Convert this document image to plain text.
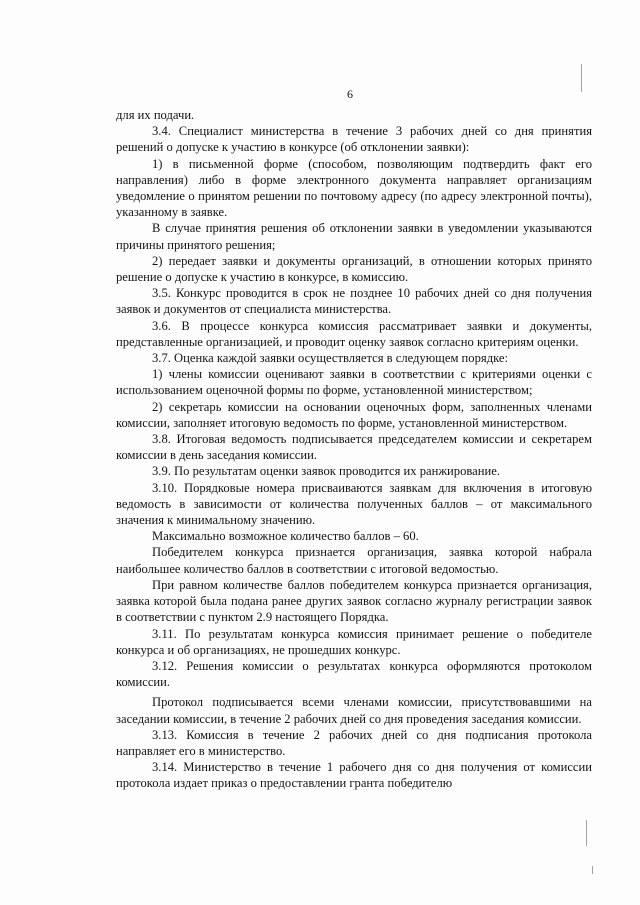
6

для их подачи.

3.4. Специалист министерства в течение 3 рабочих дней со дня принятия решений о допуске к участию в конкурсе (об отклонении заявки):

1) в письменной форме (способом, позволяющим подтвердить факт его направления) либо в форме электронного документа направляет организациям уведомление о принятом решении по почтовому адресу (по адресу электронной почты), указанному в заявке.

В случае принятия решения об отклонении заявки в уведомлении указываются причины принятого решения;

2) передает заявки и документы организаций, в отношении которых принято решение о допуске к участию в конкурсе, в комиссию.

3.5. Конкурс проводится в срок не позднее 10 рабочих дней со дня получения заявок и документов от специалиста министерства.

3.6. В процессе конкурса комиссия рассматривает заявки и документы, представленные организацией, и проводит оценку заявок согласно критериям оценки.

3.7. Оценка каждой заявки осуществляется в следующем порядке:

1) члены комиссии оценивают заявки в соответствии с критериями оценки с использованием оценочной формы по форме, установленной министерством;

2) секретарь комиссии на основании оценочных форм, заполненных членами комиссии, заполняет итоговую ведомость по форме, установленной министерством.

3.8. Итоговая ведомость подписывается председателем комиссии и секретарем комиссии в день заседания комиссии.

3.9. По результатам оценки заявок проводится их ранжирование.

3.10. Порядковые номера присваиваются заявкам для включения в итоговую ведомость в зависимости от количества полученных баллов – от максимального значения к минимальному значению.

Максимально возможное количество баллов – 60.

Победителем конкурса признается организация, заявка которой набрала наибольшее количество баллов в соответствии с итоговой ведомостью.

При равном количестве баллов победителем конкурса признается организация, заявка которой была подана ранее других заявок согласно журналу регистрации заявок в соответствии с пунктом 2.9 настоящего Порядка.

3.11. По результатам конкурса комиссия принимает решение о победителе конкурса и об организациях, не прошедших конкурс.

3.12. Решения комиссии о результатах конкурса оформляются протоколом комиссии.

Протокол подписывается всеми членами комиссии, присутствовавшими на заседании комиссии, в течение 2 рабочих дней со дня проведения заседания комиссии.

3.13. Комиссия в течение 2 рабочих дней со дня подписания протокола направляет его в министерство.

3.14. Министерство в течение 1 рабочего дня со дня получения от комиссии протокола издает приказ о предоставлении гранта победителю
